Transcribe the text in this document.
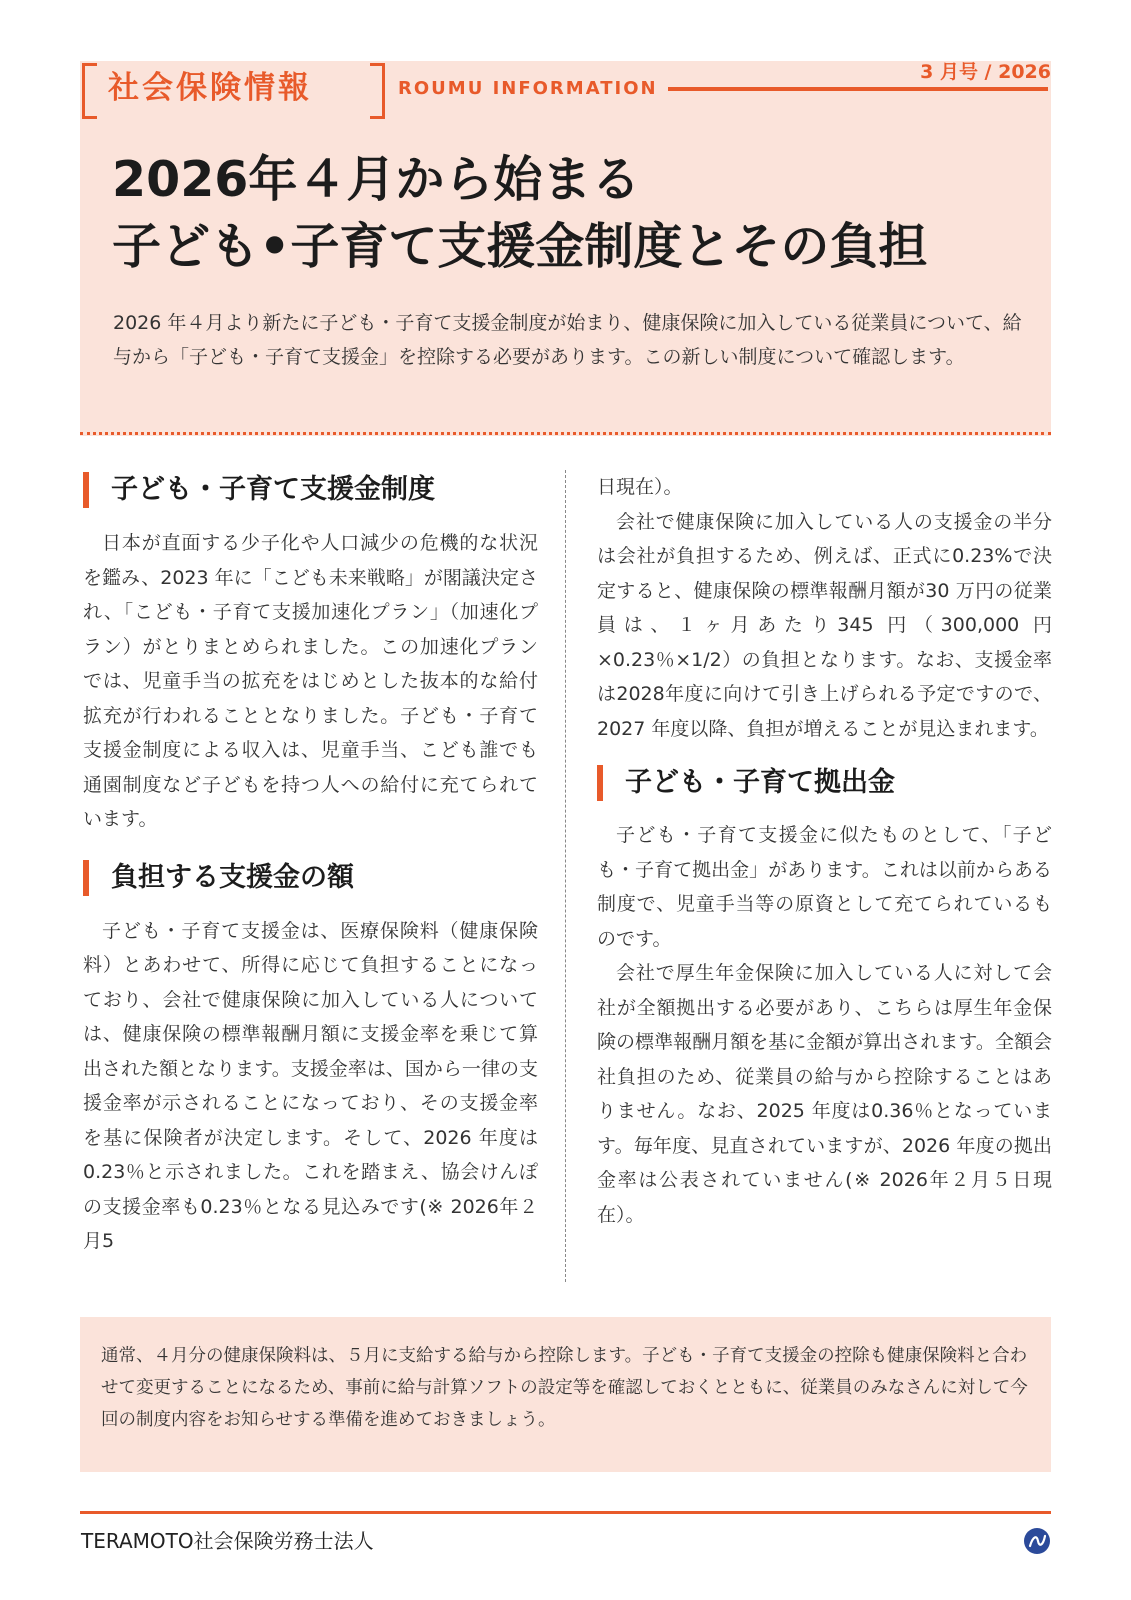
社会保険情報	ROUMU INFORMATION
3 月号 / 2026
2026年４月から始まる
子ども•子育て支援金制度とその負担

2026 年４月より新たに子ども・子育て支援金制度が始まり、健康保険に加入している従業員について、給与から「子ども・子育て支援金」を控除する必要があります。この新しい制度について確認します。

子ども・子育て支援金制度

日本が直面する少子化や人口減少の危機的な状況を鑑み、2023 年に「こども未来戦略」が閣議決定され、「こども・子育て支援加速化プラン」（加速化プラン）がとりまとめられました。この加速化プランでは、児童手当の拡充をはじめとした抜本的な給付拡充が行われることとなりました。子ども・子育て支援金制度による収入は、児童手当、こども誰でも通園制度など子どもを持つ人への給付に充てられています。

負担する支援金の額

子ども・子育て支援金は、医療保険料（健康保険料）とあわせて、所得に応じて負担することになっており、会社で健康保険に加入している人については、健康保険の標準報酬月額に支援金率を乗じて算出された額となります。支援金率は、国から一律の支援金率が示されることになっており、その支援金率を基に保険者が決定します。そして、2026 年度は0.23％と示されました。これを踏まえ、協会けんぽの支援金率も0.23％となる見込みです(※ 2026年２月5

日現在）。

会社で健康保険に加入している人の支援金の半分は会社が負担するため、例えば、正式に0.23%で決定すると、健康保険の標準報酬月額が30 万円の従業員は、１ヶ月あたり345 円（300,000 円×0.23％×1/2）の負担となります。なお、支援金率は2028年度に向けて引き上げられる予定ですので、2027 年度以降、負担が増えることが見込まれます。

子ども・子育て拠出金

子ども・子育て支援金に似たものとして、「子ども・子育て拠出金」があります。これは以前からある制度で、児童手当等の原資として充てられているものです。

会社で厚生年金保険に加入している人に対して会社が全額拠出する必要があり、こちらは厚生年金保険の標準報酬月額を基に金額が算出されます。全額会社負担のため、従業員の給与から控除することはありません。なお、2025 年度は0.36％となっています。毎年度、見直されていますが、2026 年度の拠出金率は公表されていません(※ 2026年２月５日現在）。

通常、４月分の健康保険料は、５月に支給する給与から控除します。子ども・子育て支援金の控除も健康保険料と合わせて変更することになるため、事前に給与計算ソフトの設定等を確認しておくとともに、従業員のみなさんに対して今回の制度内容をお知らせする準備を進めておきましょう。

TERAMOTO社会保険労務士法人
